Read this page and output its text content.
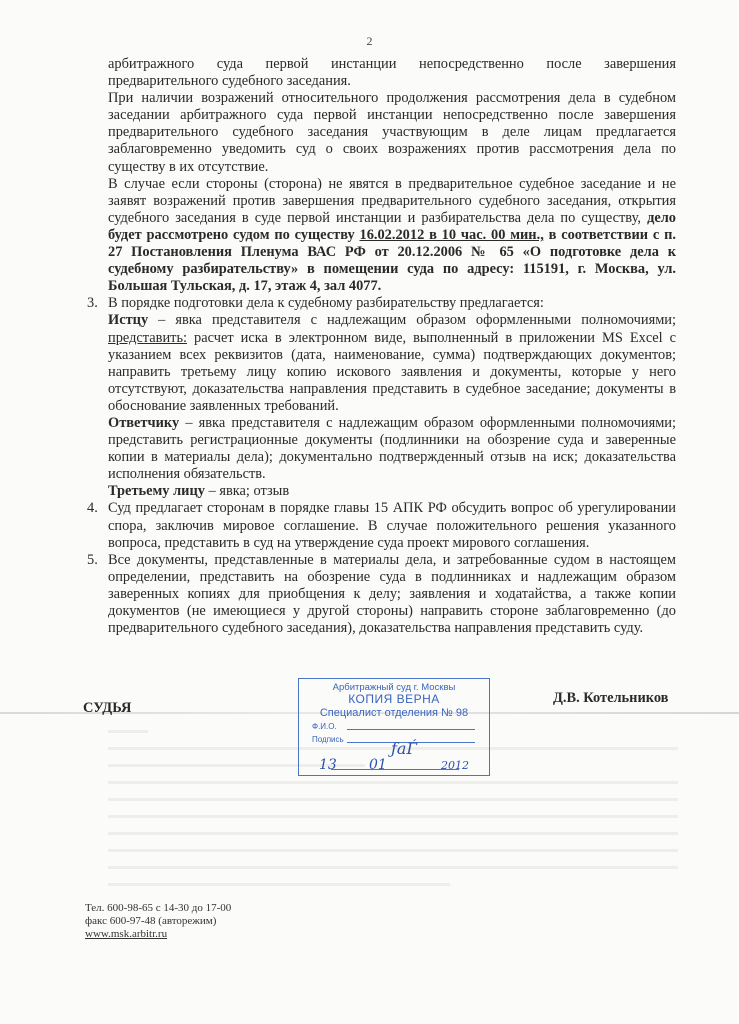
2

арбитражного суда первой инстанции непосредственно после завершения предварительного судебного заседания.

При наличии возражений относительного продолжения рассмотрения дела в судебном заседании арбитражного суда первой инстанции непосредственно после завершения предварительного судебного заседания участвующим в деле лицам предлагается заблаговременно уведомить суд о своих возражениях против рассмотрения дела по существу в их отсутствие.

В случае если стороны (сторона) не явятся в предварительное судебное заседание и не заявят возражений против завершения предварительного судебного заседания, открытия судебного заседания в суде первой инстанции и разбирательства дела по существу, дело будет рассмотрено судом по существу 16.02.2012 в 10 час. 00 мин., в соответствии с п. 27 Постановления Пленума ВАС РФ от 20.12.2006 № 65 «О подготовке дела к судебному разбирательству» в помещении суда по адресу: 115191, г. Москва, ул. Большая Тульская, д. 17, этаж 4, зал 4077.

3. В порядке подготовки дела к судебному разбирательству предлагается:

Истцу – явка представителя с надлежащим образом оформленными полномочиями; представить: расчет иска в электронном виде, выполненный в приложении MS Excel с указанием всех реквизитов (дата, наименование, сумма) подтверждающих документов; направить третьему лицу копию искового заявления и документы, которые у него отсутствуют, доказательства направления представить в судебное заседание; документы в обоснование заявленных требований.

Ответчику – явка представителя с надлежащим образом оформленными полномочиями; представить регистрационные документы (подлинники на обозрение суда и заверенные копии в материалы дела); документально подтвержденный отзыв на иск; доказательства исполнения обязательств.

Третьему лицу – явка; отзыв

4. Суд предлагает сторонам в порядке главы 15 АПК РФ обсудить вопрос об урегулировании спора, заключив мировое соглашение. В случае положительного решения указанного вопроса, представить в суд на утверждение суда проект мирового соглашения.

5. Все документы, представленные в материалы дела, и затребованные судом в настоящем определении, представить на обозрение суда в подлинниках и надлежащим образом заверенных копиях для приобщения к делу; заявления и ходатайства, а также копии документов (не имеющиеся у другой стороны) направить стороне заблаговременно (до предварительного судебного заседания), доказательства направления представить суду.

СУДЬЯ
Д.В. Котельников
Арбитражный суд г. Москвы
КОПИЯ ВЕРНА
Специалист отделения № 98
Ф.И.О.
Подпись	ƒaЃ
13 01	2012
Тел. 600-98-65 с 14-30 до 17-00
факс 600-97-48 (авторежим)
www.msk.arbitr.ru
